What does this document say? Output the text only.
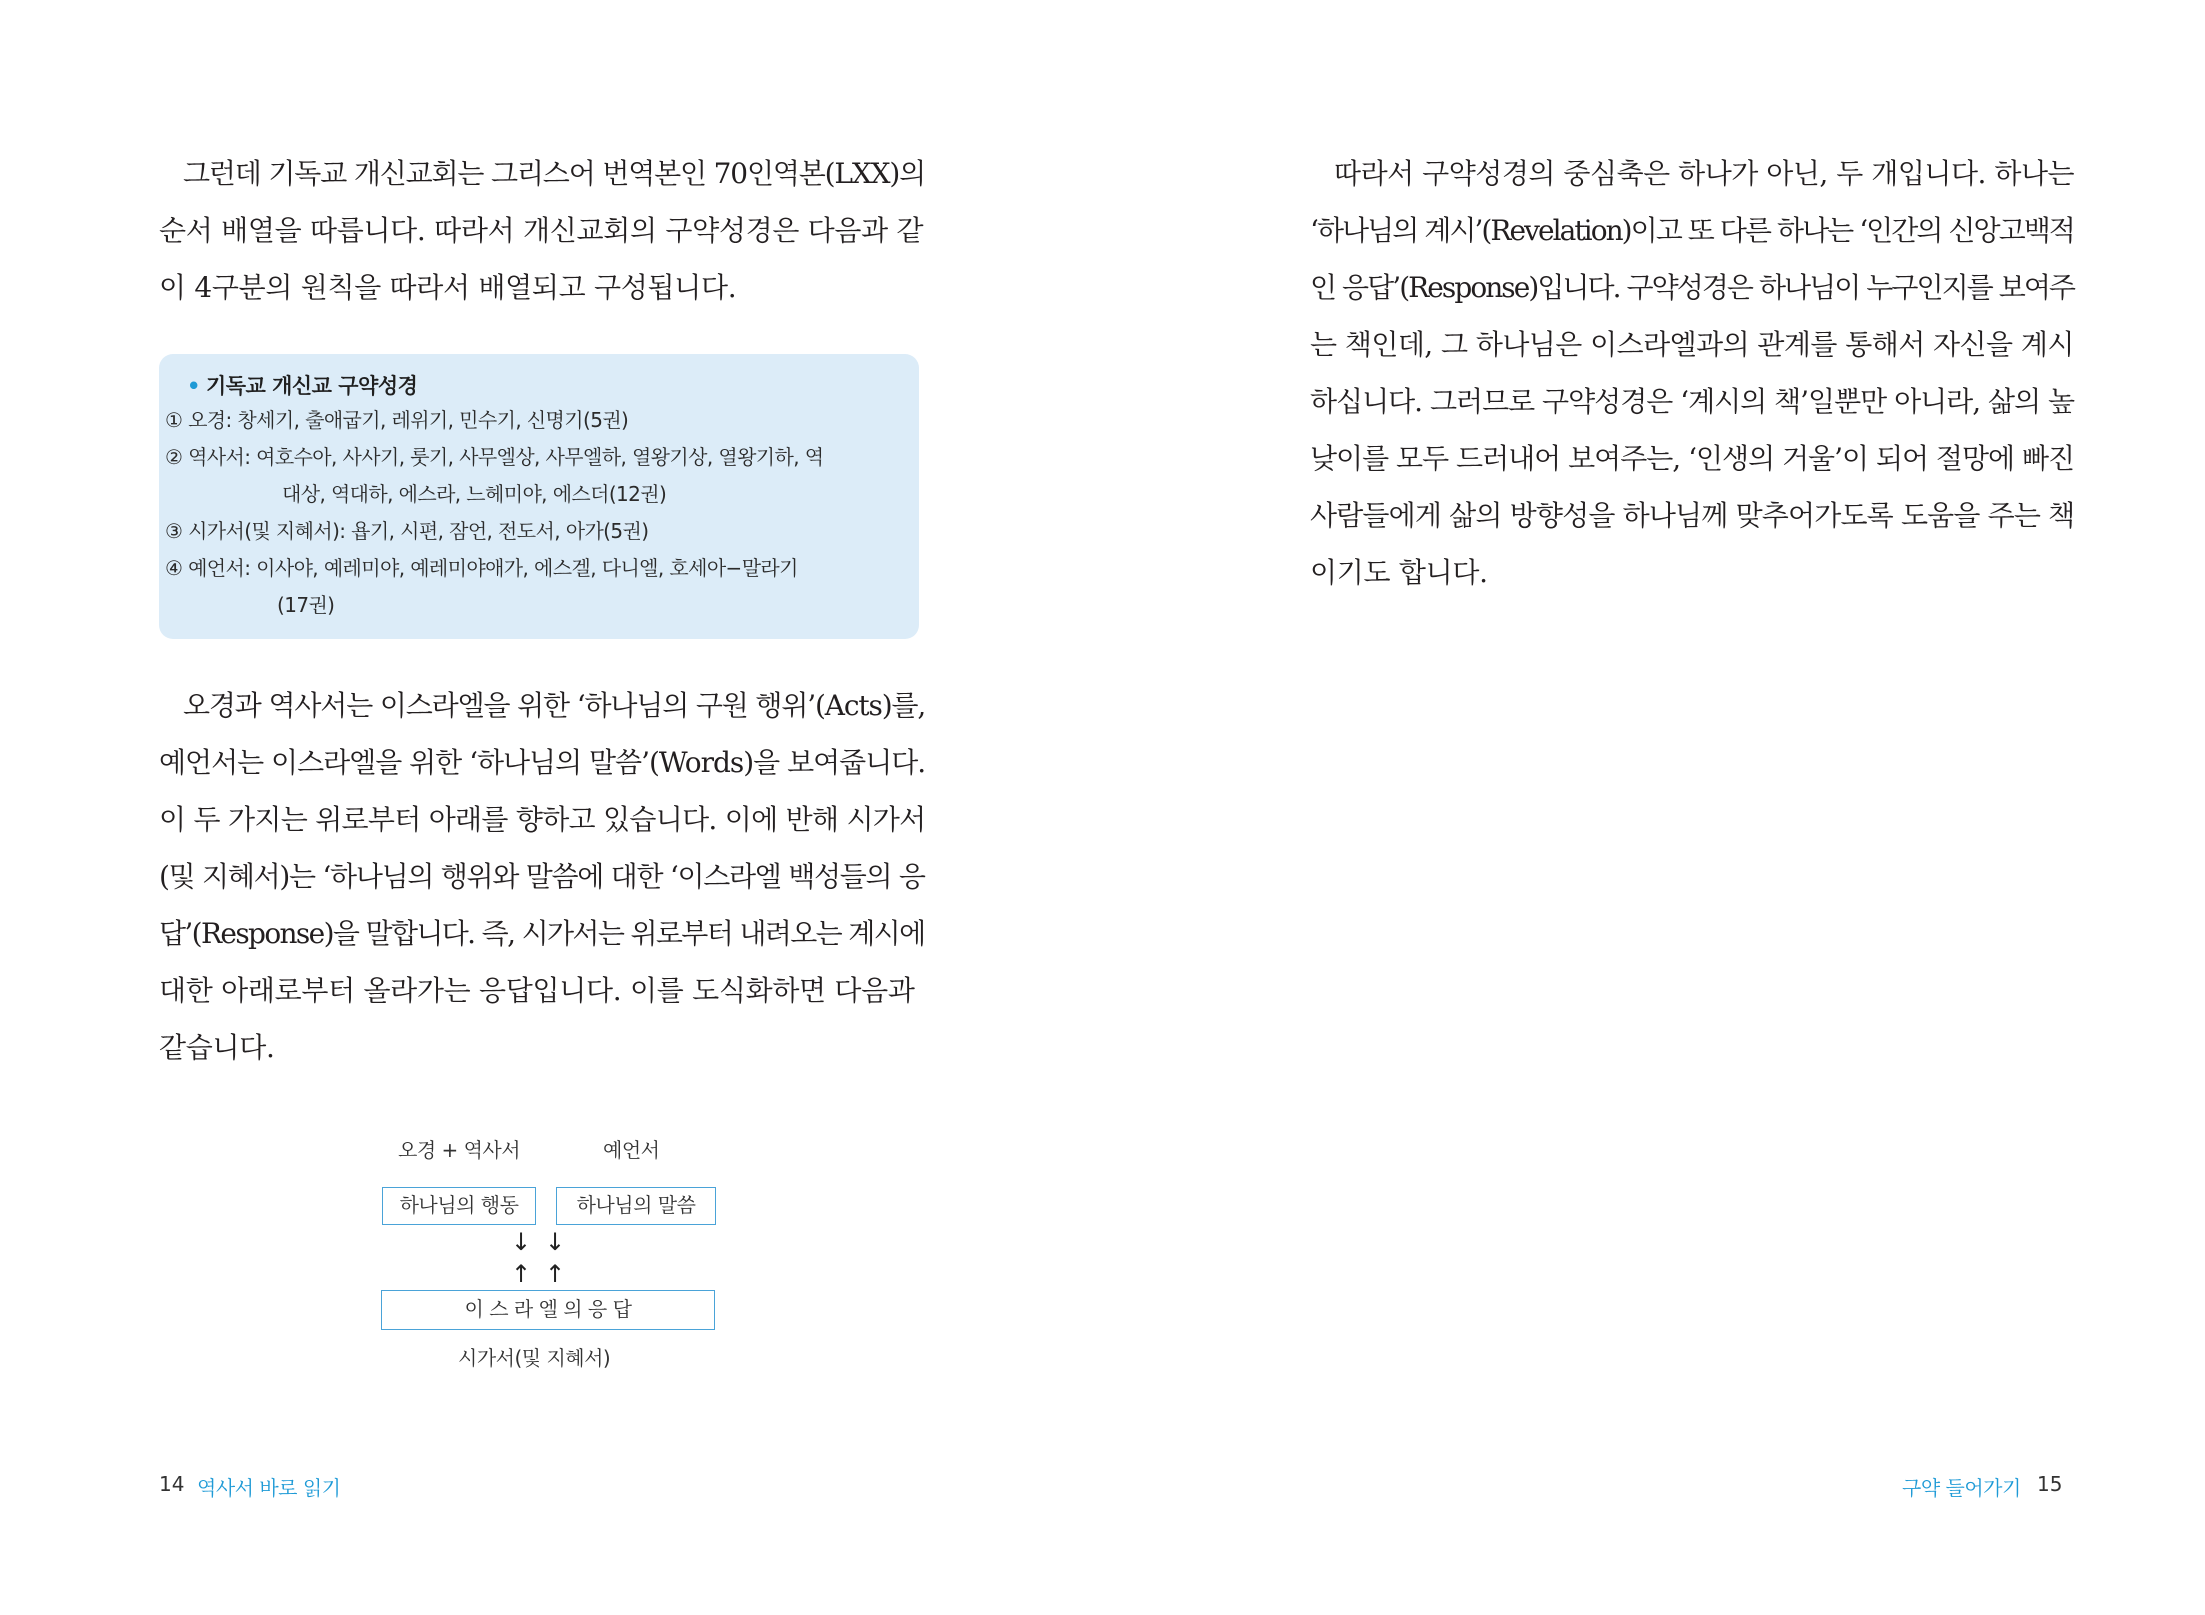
그런데 기독교 개신교회는 그리스어 번역본인 70인역본(LXX)의
순서 배열을 따릅니다. 따라서 개신교회의 구약성경은 다음과 같
이 4구분의 원칙을 따라서 배열되고 구성됩니다.
• 기독교 개신교 구약성경
① 오경: 창세기, 출애굽기, 레위기, 민수기, 신명기(5권)
② 역사서: 여호수아, 사사기, 룻기, 사무엘상, 사무엘하, 열왕기상, 열왕기하, 역
대상, 역대하, 에스라, 느헤미야, 에스더(12권)
③ 시가서(및 지혜서): 욥기, 시편, 잠언, 전도서, 아가(5권)
④ 예언서: 이사야, 예레미야, 예레미야애가, 에스겔, 다니엘, 호세아−말라기
(17권)
오경과 역사서는 이스라엘을 위한 ‘하나님의 구원 행위’(Acts)를,
예언서는 이스라엘을 위한 ‘하나님의 말씀’(Words)을 보여줍니다.
이 두 가지는 위로부터 아래를 향하고 있습니다. 이에 반해 시가서
(및 지혜서)는 ‘하나님의 행위와 말씀에 대한 ‘이스라엘 백성들의 응
답’(Response)을 말합니다. 즉, 시가서는 위로부터 내려오는 계시에
대한 아래로부터 올라가는 응답입니다. 이를 도식화하면 다음과
같습니다.
오경 + 역사서	예언서
하나님의 행동	하나님의 말씀
↓ ↓
↑ ↑
이 스 라 엘 의 응 답
시가서(및 지혜서)
14 역사서 바로 읽기
따라서 구약성경의 중심축은 하나가 아닌, 두 개입니다. 하나는
‘하나님의 계시’(Revelation)이고 또 다른 하나는 ‘인간의 신앙고백적
인 응답’(Response)입니다. 구약성경은 하나님이 누구인지를 보여주
는 책인데, 그 하나님은 이스라엘과의 관계를 통해서 자신을 계시
하십니다. 그러므로 구약성경은 ‘계시의 책’일뿐만 아니라, 삶의 높
낮이를 모두 드러내어 보여주는, ‘인생의 거울’이 되어 절망에 빠진
사람들에게 삶의 방향성을 하나님께 맞추어가도록 도움을 주는 책
이기도 합니다.
구약 들어가기 15
